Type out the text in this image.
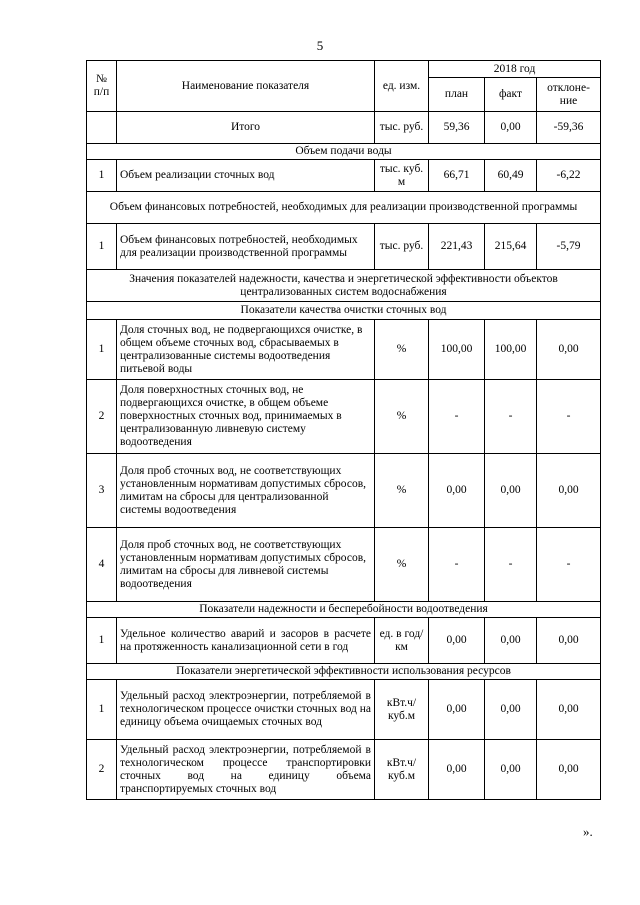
5
№ п/п	Наименование показателя	ед. изм.	2018 год		
			план	факт	отклоне-ние
	Итого	тыс. руб.	59,36	0,00	-59,36
Объем подачи воды					
1	Объем реализации сточных вод	тыс. куб. м	66,71	60,49	-6,22
Объем финансовых потребностей, необходимых для реализации производственной программы					
1	Объем финансовых потребностей, необходимых для реализации производственной программы	тыс. руб.	221,43	215,64	-5,79
Значения показателей надежности, качества и энергетической эффективности объектов централизованных систем водоснабжения					
Показатели качества очистки сточных вод					
1	Доля сточных вод, не подвергающихся очистке, в общем объеме сточных вод, сбрасываемых в централизованные системы водоотведения питьевой воды	%	100,00	100,00	0,00
2	Доля поверхностных сточных вод, не подвергающихся очистке, в общем объеме поверхностных сточных вод, принимаемых в централизованную ливневую систему водоотведения	%	-	-	-
3	Доля проб сточных вод, не соответствующих установленным нормативам допустимых сбросов, лимитам на сбросы для централизованной системы водоотведения	%	0,00	0,00	0,00
4	Доля проб сточных вод, не соответствующих установленным нормативам допустимых сбросов, лимитам на сбросы для ливневой системы водоотведения	%	-	-	-
Показатели надежности и бесперебойности водоотведения					
1	Удельное количество аварий и засоров в расчете на протяженность канализационной сети в год	ед. в год/ км	0,00	0,00	0,00
Показатели энергетической эффективности использования ресурсов					
1	Удельный расход электроэнергии, потребляемой в технологическом процессе очистки сточных вод на единицу объема очищаемых сточных вод	кВт.ч/ куб.м	0,00	0,00	0,00
2	Удельный расход электроэнергии, потребляемой в технологическом процессе транспортировки сточных вод на единицу объема транспортируемых сточных вод	кВт.ч/ куб.м	0,00	0,00	0,00
».
